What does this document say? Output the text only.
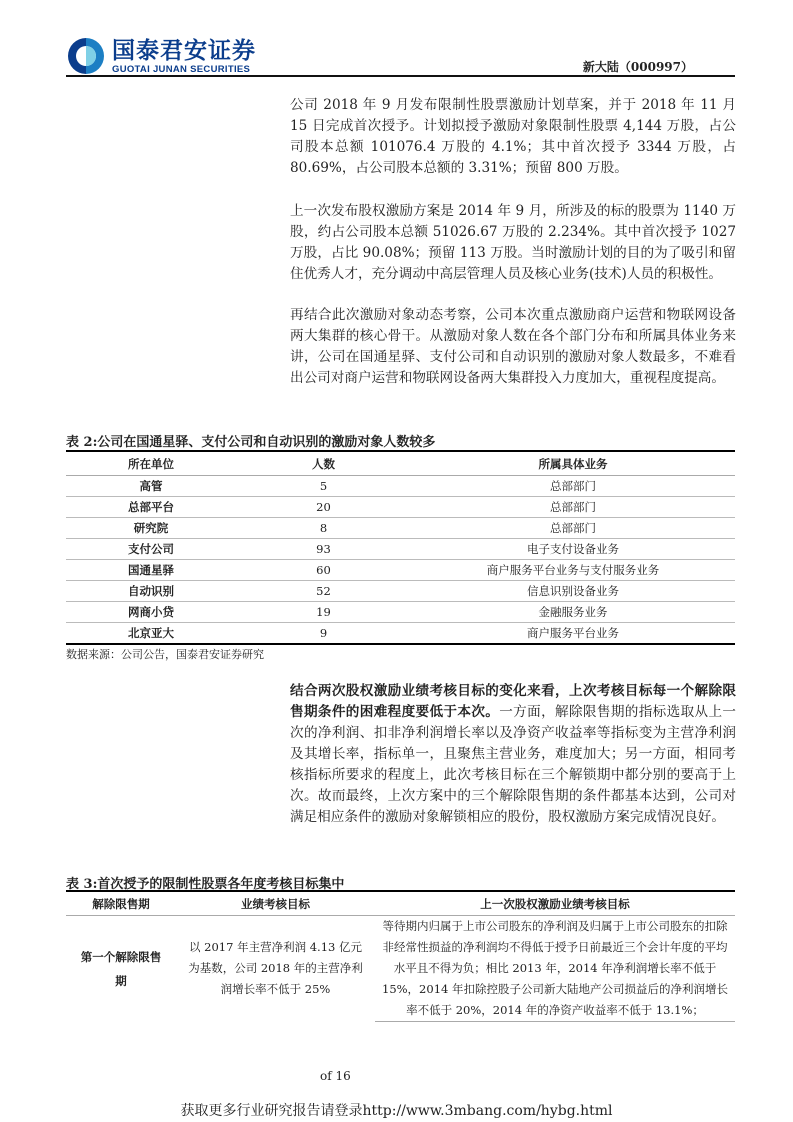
国泰君安证券
GUOTAI JUNAN SECURITIES	新大陆（000997）
公司 2018 年 9 月发布限制性股票激励计划草案，并于 2018 年 11 月 15 日完成首次授予。计划拟授予激励对象限制性股票 4,144 万股，占公司股本总额 101076.4 万股的 4.1%；其中首次授予 3344 万股，占 80.69%，占公司股本总额的 3.31%；预留 800 万股。
上一次发布股权激励方案是 2014 年 9 月，所涉及的标的股票为 1140 万股，约占公司股本总额 51026.67 万股的 2.234%。其中首次授予 1027 万股，占比 90.08%；预留 113 万股。当时激励计划的目的为了吸引和留住优秀人才，充分调动中高层管理人员及核心业务(技术)人员的积极性。
再结合此次激励对象动态考察，公司本次重点激励商户运营和物联网设备两大集群的核心骨干。从激励对象人数在各个部门分布和所属具体业务来讲，公司在国通星驿、支付公司和自动识别的激励对象人数最多，不难看出公司对商户运营和物联网设备两大集群投入力度加大，重视程度提高。
表 2:公司在国通星驿、支付公司和自动识别的激励对象人数较多
所在单位	人数	所属具体业务
高管	5	总部部门
总部平台	20	总部部门
研究院	8	总部部门
支付公司	93	电子支付设备业务
国通星驿	60	商户服务平台业务与支付服务业务
自动识别	52	信息识别设备业务
网商小贷	19	金融服务业务
北京亚大	9	商户服务平台业务
数据来源：公司公告，国泰君安证券研究
结合两次股权激励业绩考核目标的变化来看，上次考核目标每一个解除限售期条件的困难程度要低于本次。一方面，解除限售期的指标选取从上一次的净利润、扣非净利润增长率以及净资产收益率等指标变为主营净利润及其增长率，指标单一，且聚焦主营业务，难度加大；另一方面，相同考核指标所要求的程度上，此次考核目标在三个解锁期中都分别的要高于上次。故而最终，上次方案中的三个解除限售期的条件都基本达到，公司对满足相应条件的激励对象解锁相应的股份，股权激励方案完成情况良好。
表 3:首次授予的限制性股票各年度考核目标集中
解除限售期	业绩考核目标	上一次股权激励业绩考核目标
第一个解除限售期	以 2017 年主营净利润 4.13 亿元为基数，公司 2018 年的主营净利润增长率不低于 25%	等待期内归属于上市公司股东的净利润及归属于上市公司股东的扣除非经常性损益的净利润均不得低于授予日前最近三个会计年度的平均水平且不得为负；相比 2013 年，2014 年净利润增长率不低于 15%，2014 年扣除控股子公司新大陆地产公司损益后的净利润增长率不低于 20%，2014 年的净资产收益率不低于 13.1%；
of 16
获取更多行业研究报告请登录http://www.3mbang.com/hybg.html
